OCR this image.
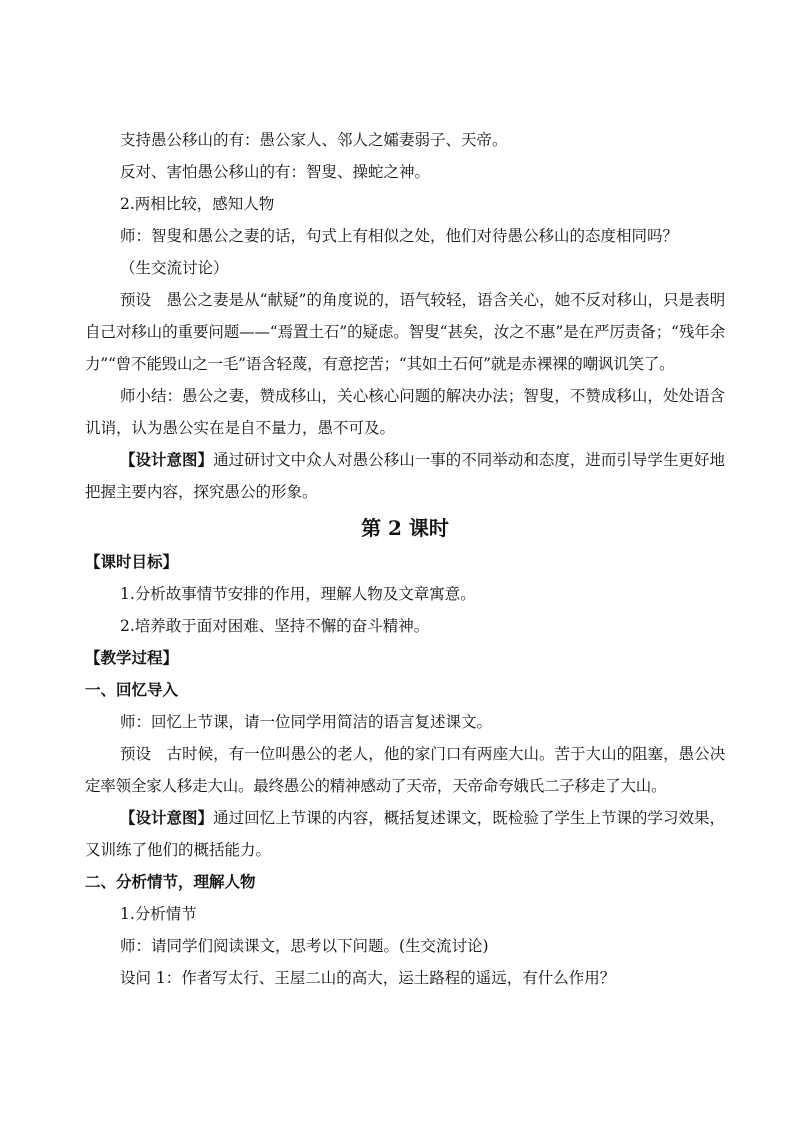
支持愚公移山的有：愚公家人、邻人之孀妻弱子、天帝。
反对、害怕愚公移山的有：智叟、操蛇之神。
2.两相比较，感知人物
师：智叟和愚公之妻的话，句式上有相似之处，他们对待愚公移山的态度相同吗？
（生交流讨论）

预设　愚公之妻是从“献疑”的角度说的，语气较轻，语含关心，她不反对移山，只是表明自己对移山的重要问题——“焉置土石”的疑虑。智叟“甚矣，汝之不惠”是在严厉责备；“残年余力”“曾不能毁山之一毛”语含轻蔑，有意挖苦；“其如土石何”就是赤裸裸的嘲讽讥笑了。

师小结：愚公之妻，赞成移山，关心核心问题的解决办法；智叟，不赞成移山，处处语含讥诮，认为愚公实在是自不量力，愚不可及。

【设计意图】通过研讨文中众人对愚公移山一事的不同举动和态度，进而引导学生更好地把握主要内容，探究愚公的形象。

第 2 课时
【课时目标】
1.分析故事情节安排的作用，理解人物及文章寓意。
2.培养敢于面对困难、坚持不懈的奋斗精神。
【教学过程】
一、回忆导入
师：回忆上节课，请一位同学用简洁的语言复述课文。

预设　古时候，有一位叫愚公的老人，他的家门口有两座大山。苦于大山的阻塞，愚公决定率领全家人移走大山。最终愚公的精神感动了天帝，天帝命夸娥氏二子移走了大山。

【设计意图】通过回忆上节课的内容，概括复述课文，既检验了学生上节课的学习效果，又训练了他们的概括能力。

二、分析情节，理解人物
1.分析情节
师：请同学们阅读课文，思考以下问题。(生交流讨论)
设问 1：作者写太行、王屋二山的高大，运土路程的遥远，有什么作用？
